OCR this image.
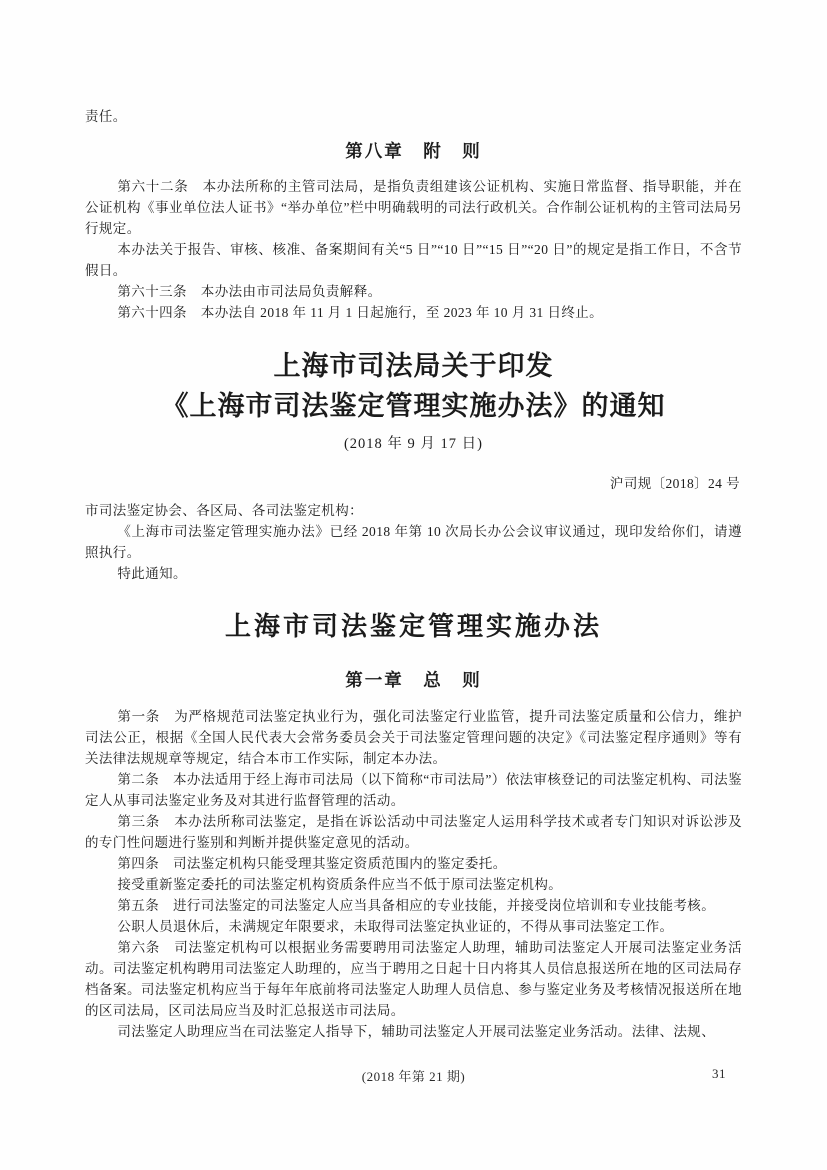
责任。

第八章　附　则

第六十二条　本办法所称的主管司法局，是指负责组建该公证机构、实施日常监督、指导职能，并在公证机构《事业单位法人证书》“举办单位”栏中明确载明的司法行政机关。合作制公证机构的主管司法局另行规定。

本办法关于报告、审核、核准、备案期间有关“5 日”“10 日”“15 日”“20 日”的规定是指工作日，不含节假日。

第六十三条　本办法由市司法局负责解释。

第六十四条　本办法自 2018 年 11 月 1 日起施行，至 2023 年 10 月 31 日终止。

上海市司法局关于印发
《上海市司法鉴定管理实施办法》的通知
(2018 年 9 月 17 日)
沪司规〔2018〕24 号

市司法鉴定协会、各区局、各司法鉴定机构：

《上海市司法鉴定管理实施办法》已经 2018 年第 10 次局长办公会议审议通过，现印发给你们，请遵照执行。

特此通知。

上海市司法鉴定管理实施办法
第一章　总　则

第一条　为严格规范司法鉴定执业行为，强化司法鉴定行业监管，提升司法鉴定质量和公信力，维护司法公正，根据《全国人民代表大会常务委员会关于司法鉴定管理问题的决定》《司法鉴定程序通则》等有关法律法规规章等规定，结合本市工作实际，制定本办法。

第二条　本办法适用于经上海市司法局（以下简称“市司法局”）依法审核登记的司法鉴定机构、司法鉴定人从事司法鉴定业务及对其进行监督管理的活动。

第三条　本办法所称司法鉴定，是指在诉讼活动中司法鉴定人运用科学技术或者专门知识对诉讼涉及的专门性问题进行鉴别和判断并提供鉴定意见的活动。

第四条　司法鉴定机构只能受理其鉴定资质范围内的鉴定委托。

接受重新鉴定委托的司法鉴定机构资质条件应当不低于原司法鉴定机构。

第五条　进行司法鉴定的司法鉴定人应当具备相应的专业技能，并接受岗位培训和专业技能考核。

公职人员退休后，未满规定年限要求，未取得司法鉴定执业证的，不得从事司法鉴定工作。

第六条　司法鉴定机构可以根据业务需要聘用司法鉴定人助理，辅助司法鉴定人开展司法鉴定业务活动。司法鉴定机构聘用司法鉴定人助理的，应当于聘用之日起十日内将其人员信息报送所在地的区司法局存档备案。司法鉴定机构应当于每年年底前将司法鉴定人助理人员信息、参与鉴定业务及考核情况报送所在地的区司法局，区司法局应当及时汇总报送市司法局。

司法鉴定人助理应当在司法鉴定人指导下，辅助司法鉴定人开展司法鉴定业务活动。法律、法规、

(2018 年第 21 期)	31
